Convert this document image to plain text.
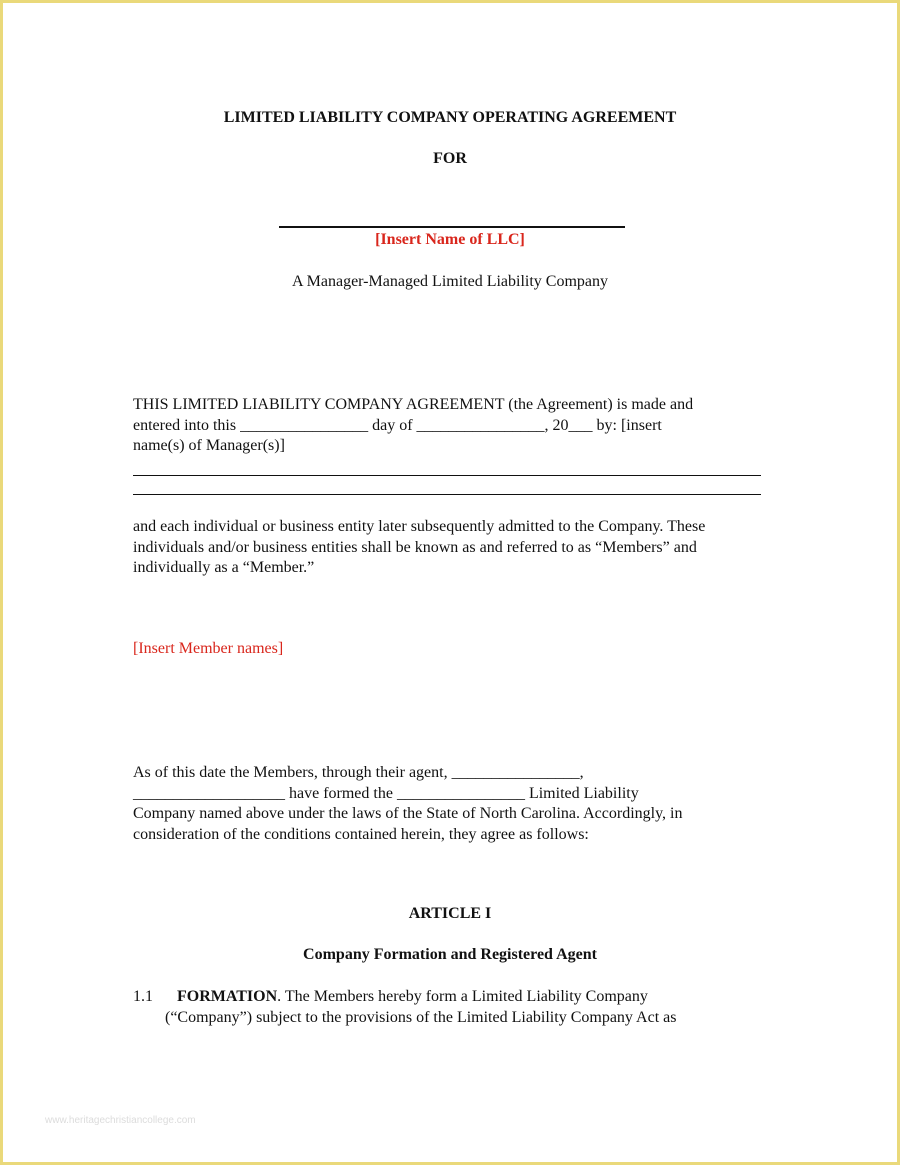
LIMITED LIABILITY COMPANY OPERATING AGREEMENT

FOR

[Insert Name of LLC]

A Manager-Managed Limited Liability Company

THIS LIMITED LIABILITY COMPANY AGREEMENT (the Agreement) is made and
entered into this ________________ day of ________________, 20___ by: [insert
name(s) of Manager(s)]
and each individual or business entity later subsequently admitted to the Company. These
individuals and/or business entities shall be known as and referred to as “Members” and
individually as a “Member.”

[Insert Member names]

As of this date the Members, through their agent, ________________,
___________________ have formed the ________________ Limited Liability
Company named above under the laws of the State of North Carolina. Accordingly, in
consideration of the conditions contained herein, they agree as follows:

ARTICLE I

Company Formation and Registered Agent

1.1 FORMATION. The Members hereby form a Limited Liability Company
(“Company”) subject to the provisions of the Limited Liability Company Act as

www.heritagechristiancollege.com
